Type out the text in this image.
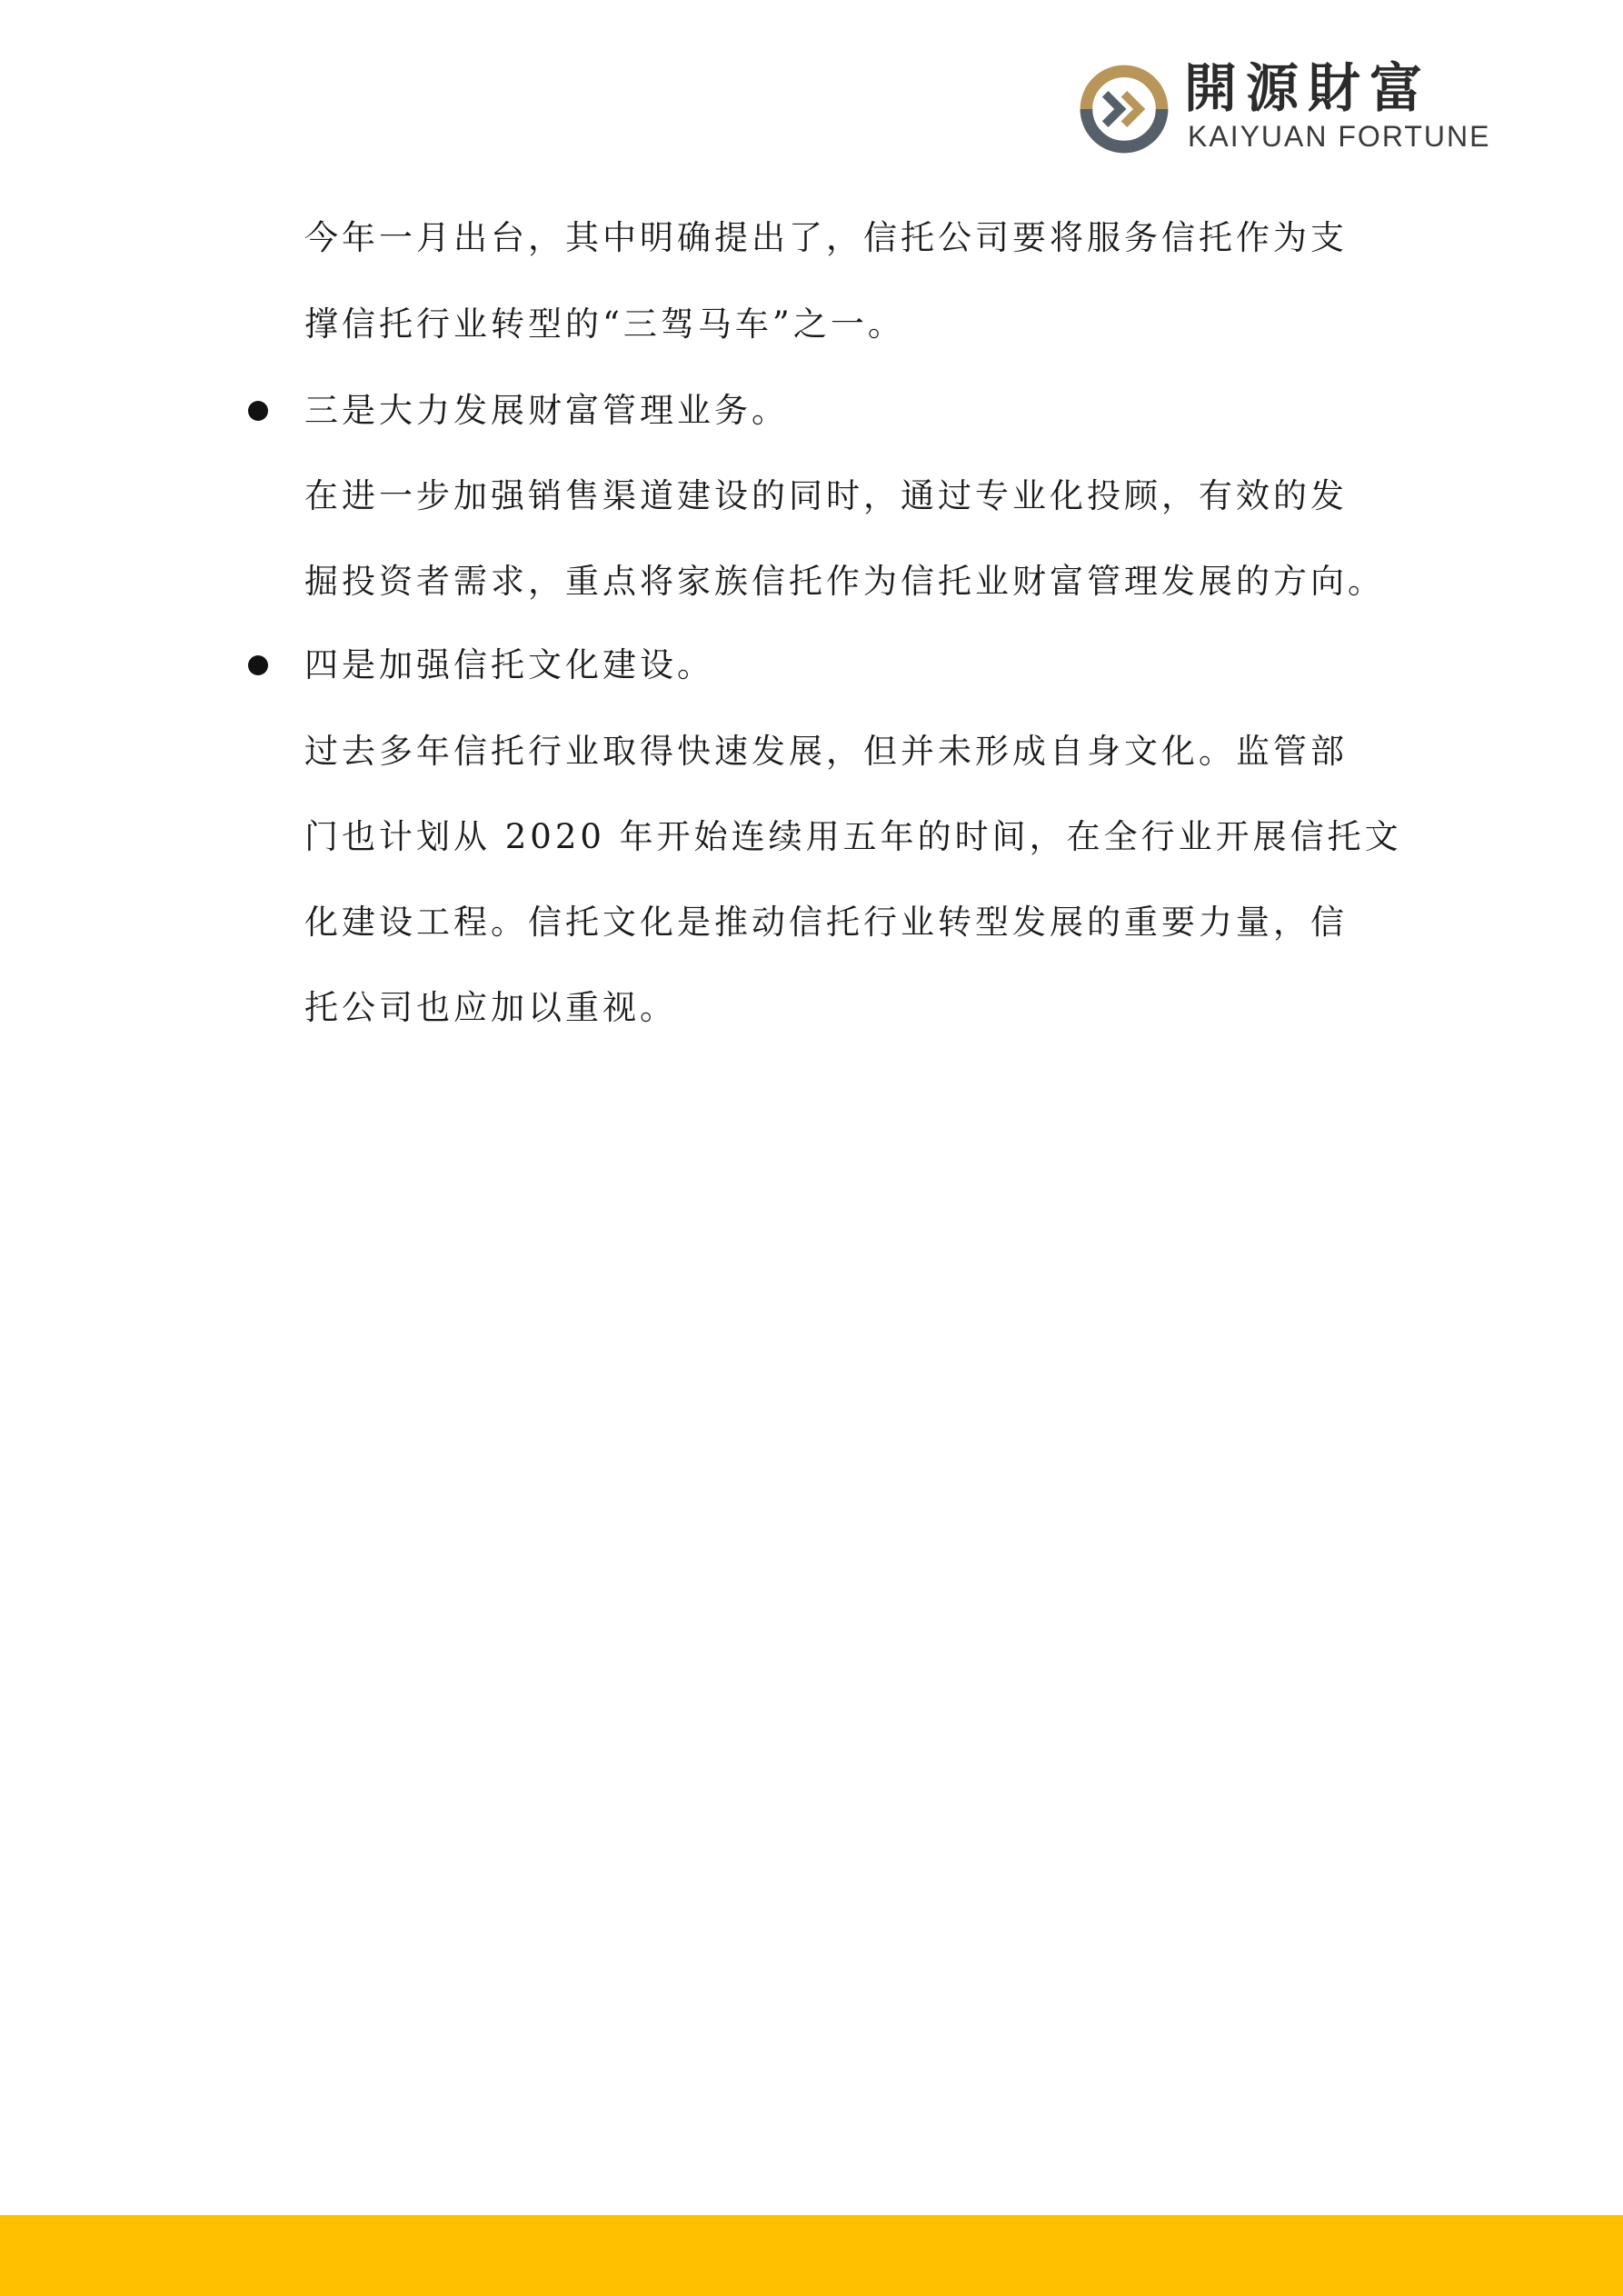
開源財富
KAIYUAN FORTUNE
今年一月出台，其中明确提出了，信托公司要将服务信托作为支
撑信托行业转型的“三驾马车”之一。
三是大力发展财富管理业务。
在进一步加强销售渠道建设的同时，通过专业化投顾，有效的发
掘投资者需求，重点将家族信托作为信托业财富管理发展的方向。
四是加强信托文化建设。
过去多年信托行业取得快速发展，但并未形成自身文化。监管部
门也计划从 2020 年开始连续用五年的时间，在全行业开展信托文
化建设工程。信托文化是推动信托行业转型发展的重要力量，信
托公司也应加以重视。
